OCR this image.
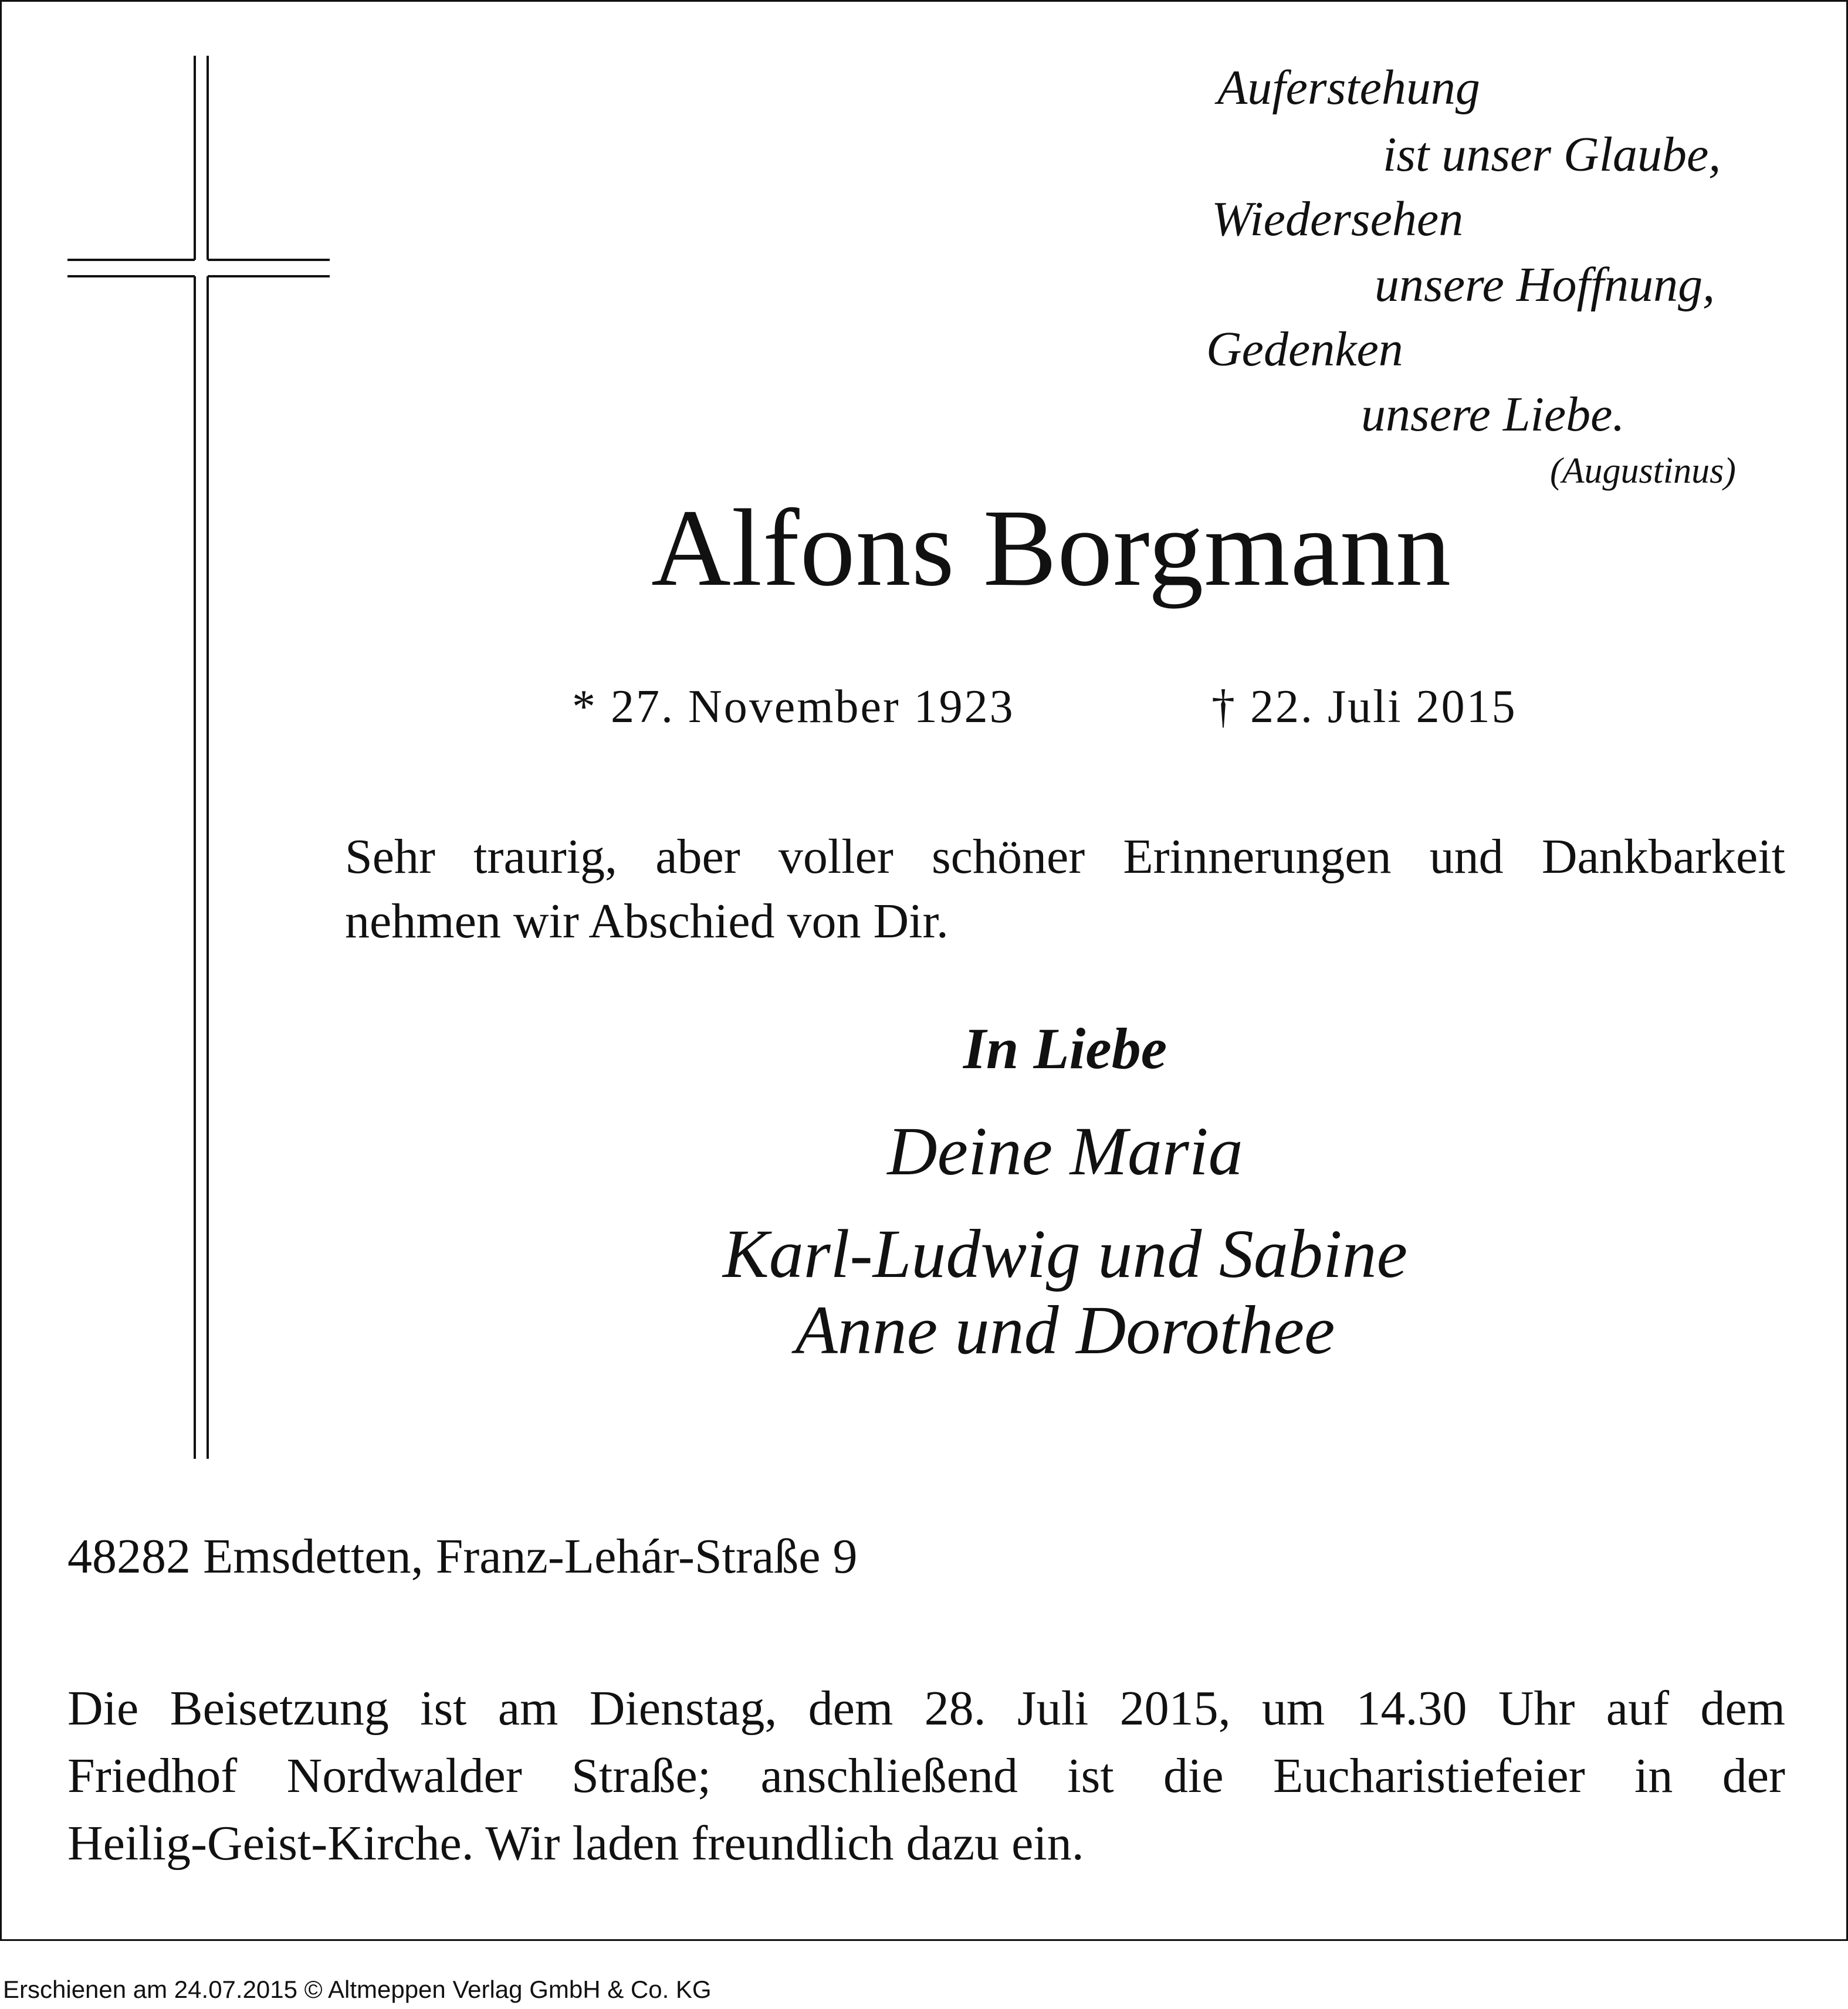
Auferstehung
ist unser Glaube,
Wiedersehen
unsere Hoffnung,
Gedenken
unsere Liebe.
(Augustinus)
Alfons Borgmann
* 27. November 1923	† 22. Juli 2015
Sehr traurig, aber voller schöner Erinnerungen und Dankbarkeit
nehmen wir Abschied von Dir.
In Liebe
Deine Maria
Karl-Ludwig und Sabine
Anne und Dorothee
48282 Emsdetten, Franz-Lehár-Straße 9
Die Beisetzung ist am Dienstag, dem 28. Juli 2015, um 14.30 Uhr auf dem
Friedhof Nordwalder Straße; anschließend ist die Eucharistiefeier in der
Heilig-Geist-Kirche. Wir laden freundlich dazu ein.
Erschienen am 24.07.2015 © Altmeppen Verlag GmbH & Co. KG
